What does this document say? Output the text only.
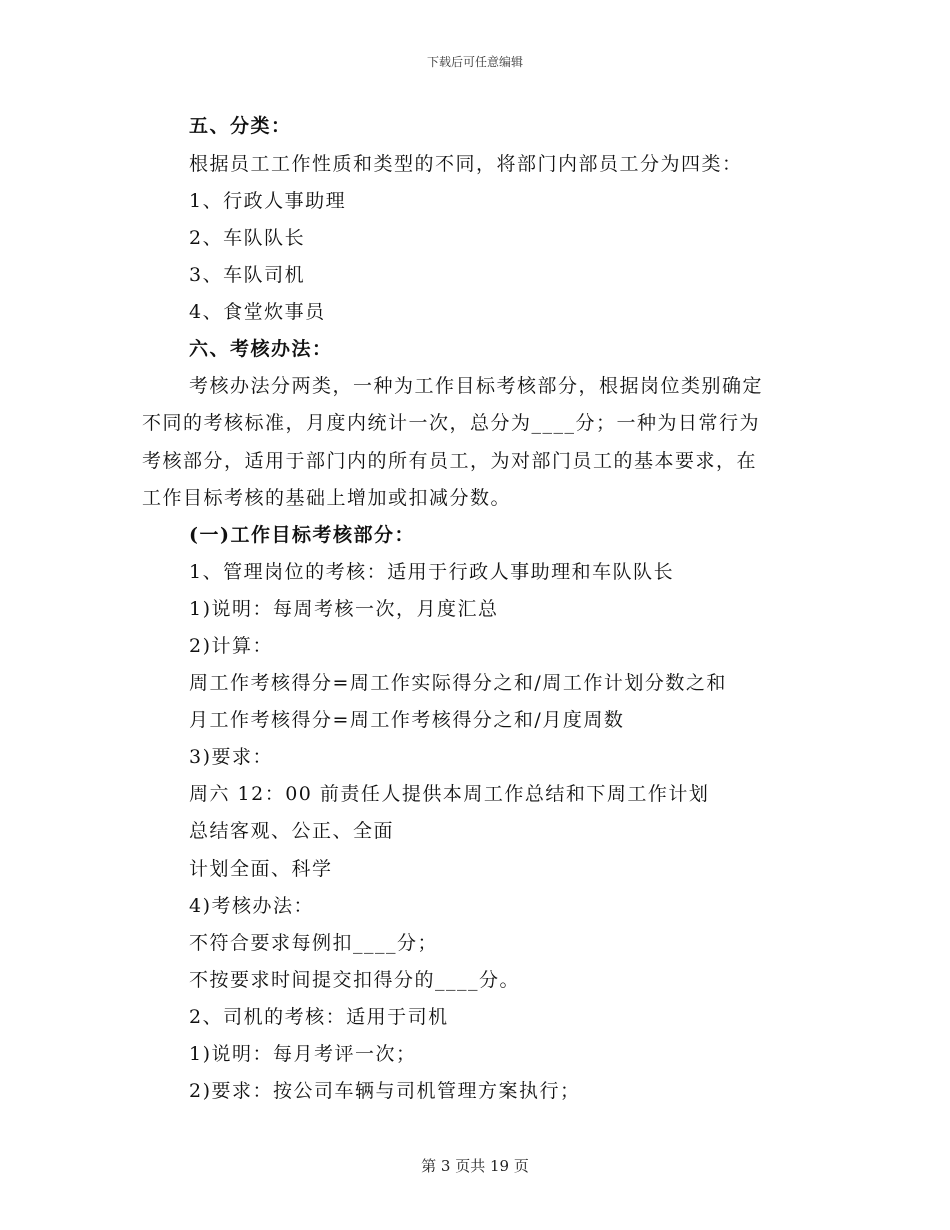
下载后可任意编辑
五、分类：
根据员工工作性质和类型的不同，将部门内部员工分为四类：
1、行政人事助理
2、车队队长
3、车队司机
4、食堂炊事员
六、考核办法：
考核办法分两类，一种为工作目标考核部分，根据岗位类别确定
不同的考核标准，月度内统计一次，总分为____分；一种为日常行为
考核部分，适用于部门内的所有员工，为对部门员工的基本要求，在
工作目标考核的基础上增加或扣减分数。
(一)工作目标考核部分：
1、管理岗位的考核：适用于行政人事助理和车队队长
1)说明：每周考核一次，月度汇总
2)计算：
周工作考核得分=周工作实际得分之和/周工作计划分数之和
月工作考核得分=周工作考核得分之和/月度周数
3)要求：
周六 12：00 前责任人提供本周工作总结和下周工作计划
总结客观、公正、全面
计划全面、科学
4)考核办法：
不符合要求每例扣____分；
不按要求时间提交扣得分的____分。
2、司机的考核：适用于司机
1)说明：每月考评一次；
2)要求：按公司车辆与司机管理方案执行；
第 3 页共 19 页
